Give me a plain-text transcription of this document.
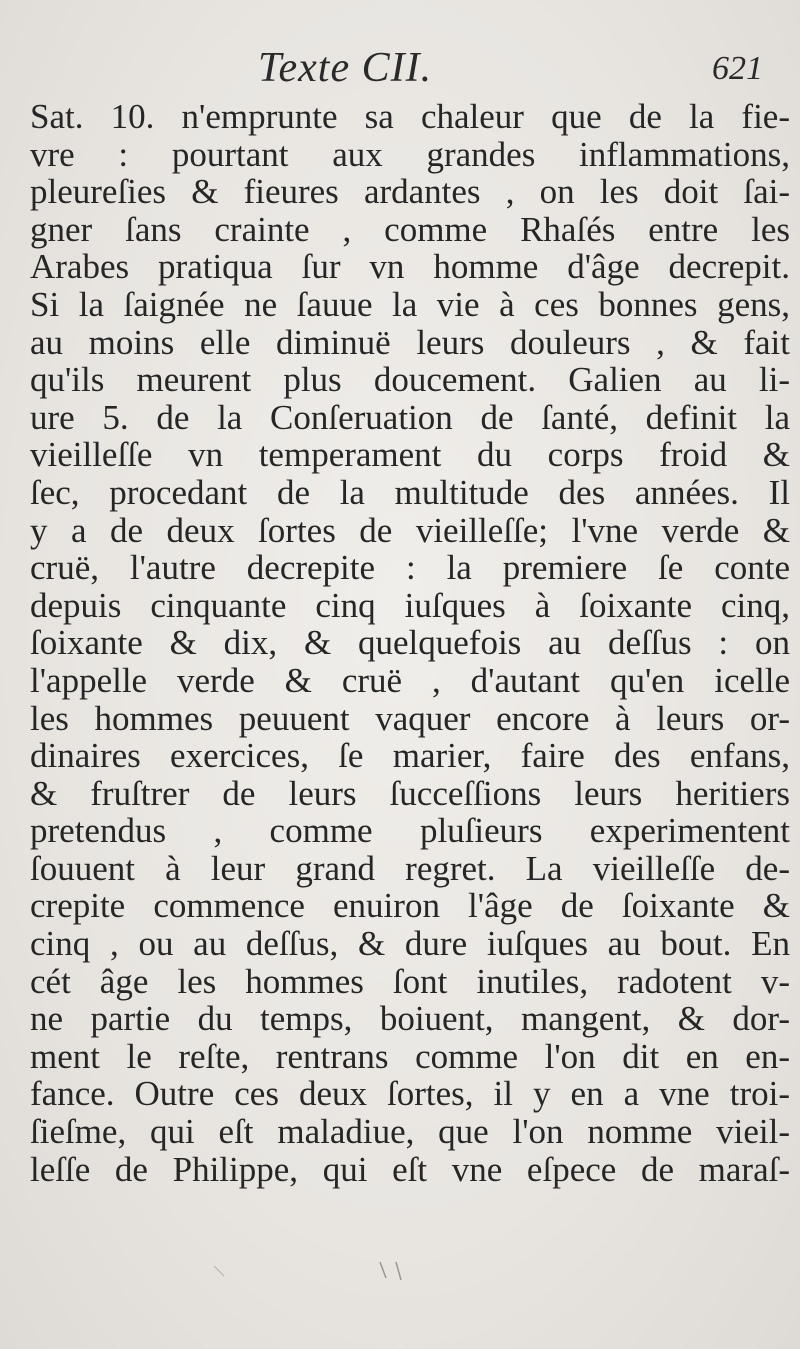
Texte CII.	621
Sat. 10. n'emprunte sa chaleur que de la fie-
vre : pourtant aux grandes inflammations,
pleureſies & fieures ardantes , on les doit ſai-
gner ſans crainte , comme Rhaſés entre les
Arabes pratiqua ſur vn homme d'âge decrepit.
Si la ſaignée ne ſauue la vie à ces bonnes gens,
au moins elle diminuë leurs douleurs , & fait
qu'ils meurent plus doucement. Galien au li-
ure 5. de la Conſeruation de ſanté, definit la
vieilleſſe vn temperament du corps froid &
ſec, procedant de la multitude des années. Il
y a de deux ſortes de vieilleſſe; l'vne verde &
cruë, l'autre decrepite : la premiere ſe conte
depuis cinquante cinq iuſques à ſoixante cinq,
ſoixante & dix, & quelquefois au deſſus : on
l'appelle verde & cruë , d'autant qu'en icelle
les hommes peuuent vaquer encore à leurs or-
dinaires exercices, ſe marier, faire des enfans,
& fruſtrer de leurs ſucceſſions leurs heritiers
pretendus , comme pluſieurs experimentent
ſouuent à leur grand regret. La vieilleſſe de-
crepite commence enuiron l'âge de ſoixante &
cinq , ou au deſſus, & dure iuſques au bout. En
cét âge les hommes ſont inutiles, radotent v-
ne partie du temps, boiuent, mangent, & dor-
ment le reſte, rentrans comme l'on dit en en-
fance. Outre ces deux ſortes, il y en a vne troi-
ſieſme, qui eſt maladiue, que l'on nomme vieil-
leſſe de Philippe, qui eſt vne eſpece de maraſ-
